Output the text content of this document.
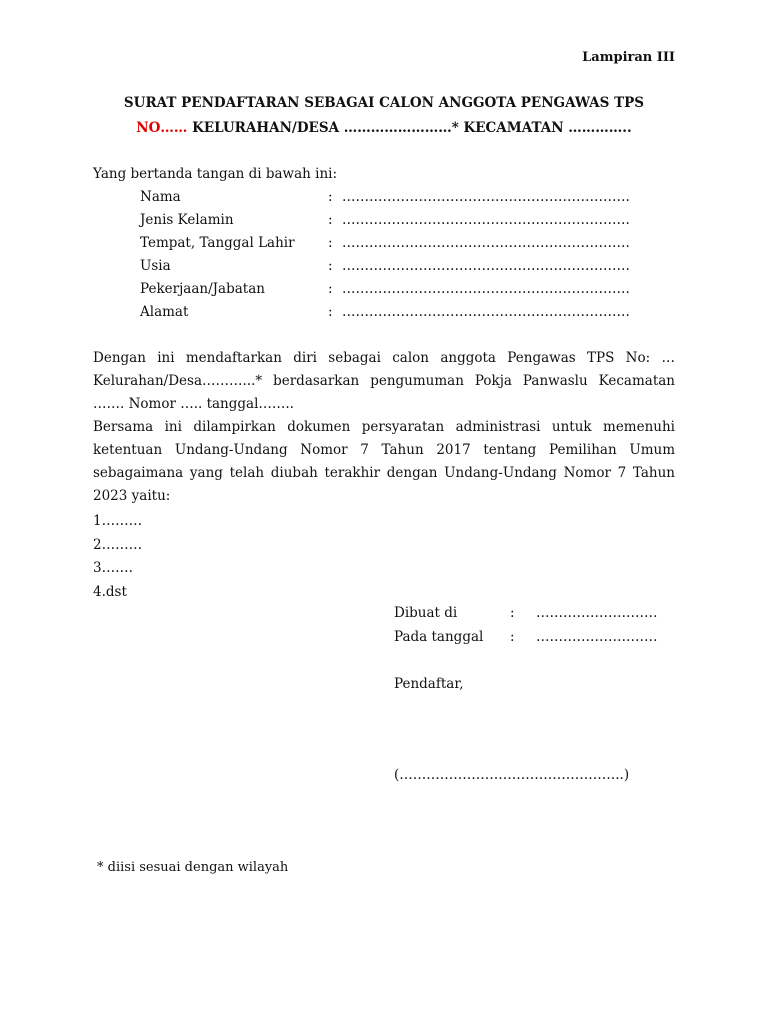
Lampiran III
SURAT PENDAFTARAN SEBAGAI CALON ANGGOTA PENGAWAS TPS
NO…… KELURAHAN/DESA ……………………* KECAMATAN …………..
Yang bertanda tangan di bawah ini:
Nama	: ……………………………………………………….
Jenis Kelamin	: ……………………………………………………….
Tempat, Tanggal Lahir : ……………………………………………………….
Usia	: ……………………………………………………….
Pekerjaan/Jabatan	: ……………………………………………………….
Alamat	: ……………………………………………………….

Dengan ini mendaftarkan diri sebagai calon anggota Pengawas TPS No: … Kelurahan/Desa………...* berdasarkan pengumuman Pokja Panwaslu Kecamatan ……. Nomor ….. tanggal……..

Bersama ini dilampirkan dokumen persyaratan administrasi untuk memenuhi ketentuan Undang-Undang Nomor 7 Tahun 2017 tentang Pemilihan Umum sebagaimana yang telah diubah terakhir dengan Undang-Undang Nomor 7 Tahun 2023 yaitu:

1………
2………
3…….
4.dst
Dibuat di	: ………………………
Pada tanggal : ………………………
Pendaftar,
(…………………………………………..)
* diisi sesuai dengan wilayah
